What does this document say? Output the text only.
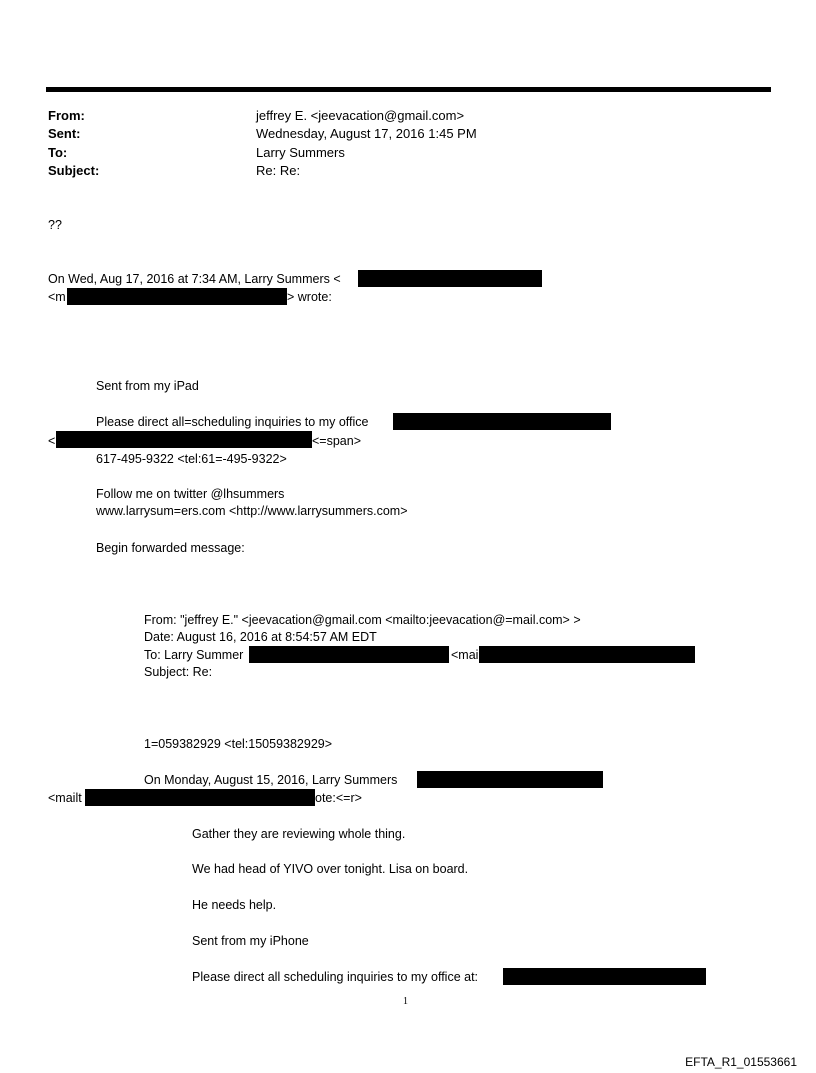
From:	jeffrey E. <jeevacation@gmail.com>
Sent:	Wednesday, August 17, 2016 1:45 PM
To:	Larry Summers
Subject:	Re: Re:
??
On Wed, Aug 17, 2016 at 7:34 AM, Larry Summers <
<m	> wrote:
Sent from my iPad
Please direct all=scheduling inquiries to my office
<	<=span>
617-495-9322 <tel:61=-495-9322>
Follow me on twitter @lhsummers
www.larrysum=ers.com <http://www.larrysummers.com>
Begin forwarded message:
From: "jeffrey E." <jeevacation@gmail.com <mailto:jeevacation@=mail.com> >
Date: August 16, 2016 at 8:54:57 AM EDT
To: Larry Summer	<mai
Subject: Re:
1=059382929 <tel:15059382929>
On Monday, August 15, 2016, Larry Summers
<mailt	ote:<=r>
Gather they are reviewing whole thing.
We had head of YIVO over tonight. Lisa on board.
He needs help.
Sent from my iPhone
Please direct all scheduling inquiries to my office at:
1
EFTA_R1_01553661
